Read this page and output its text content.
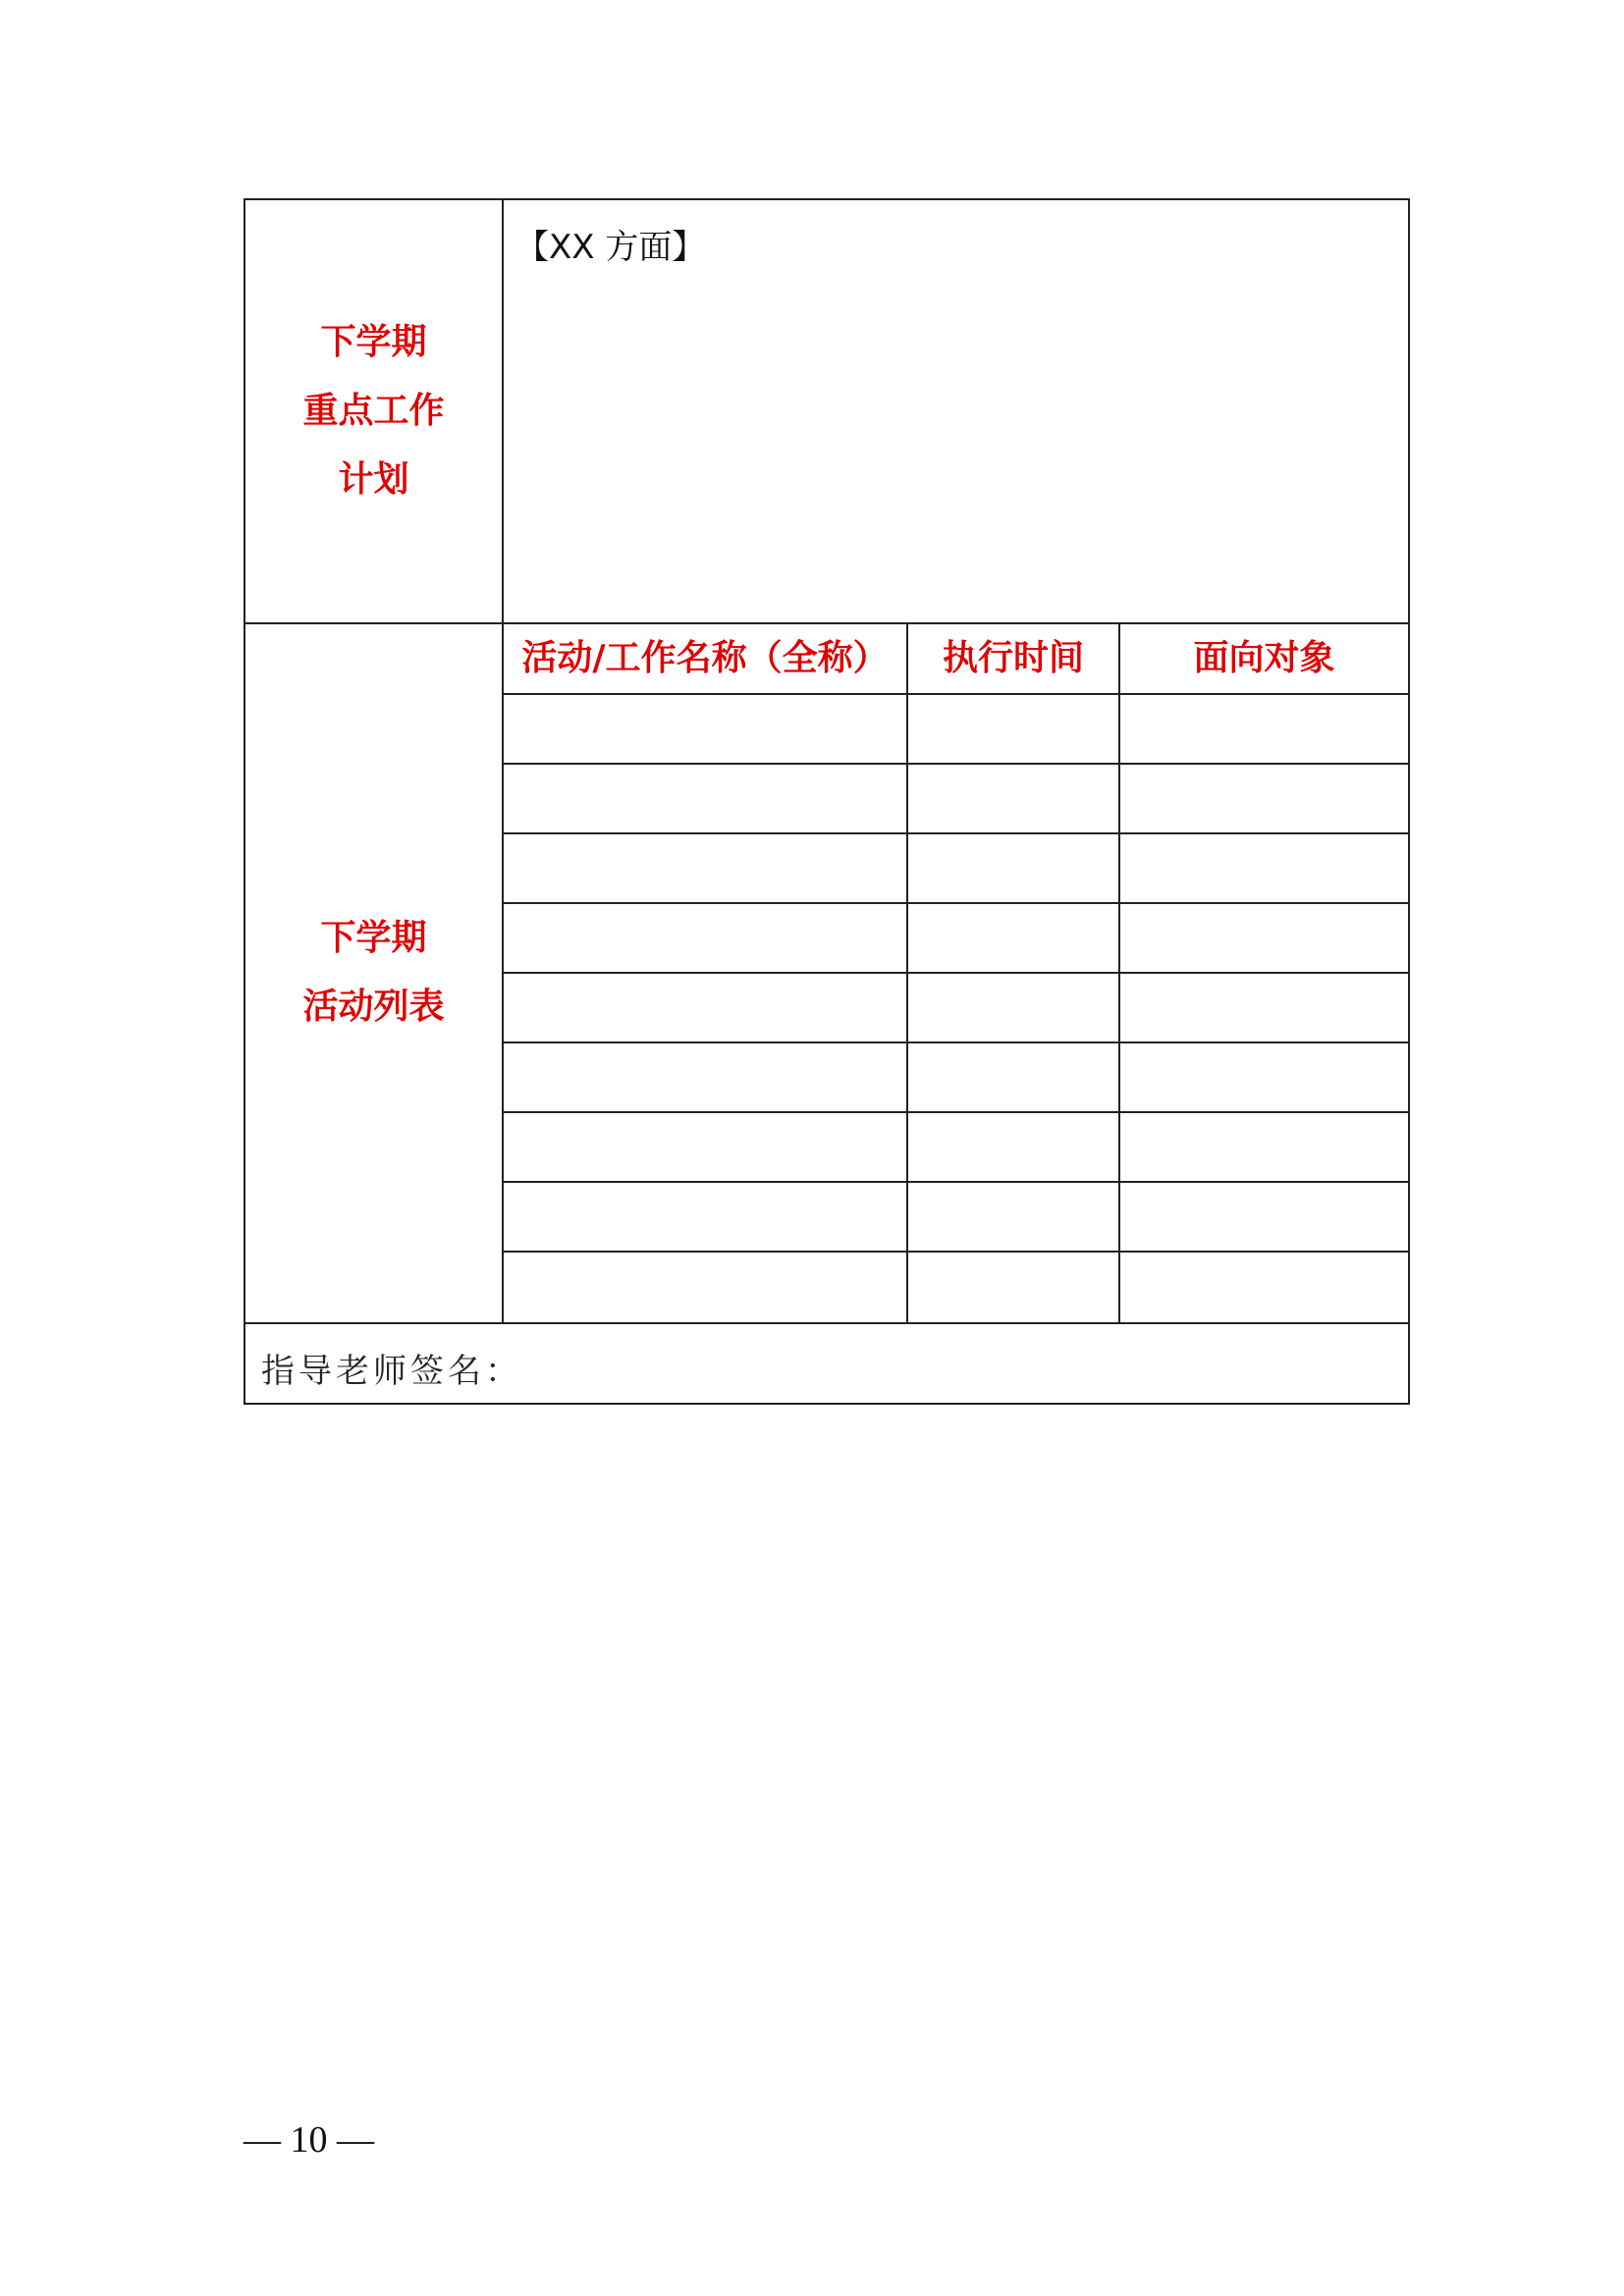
下学期
重点工作
计划
【XX 方面】
下学期
活动列表
活动/工作名称（全称）	执行时间	面向对象
指导老师签名：
— 10 —
